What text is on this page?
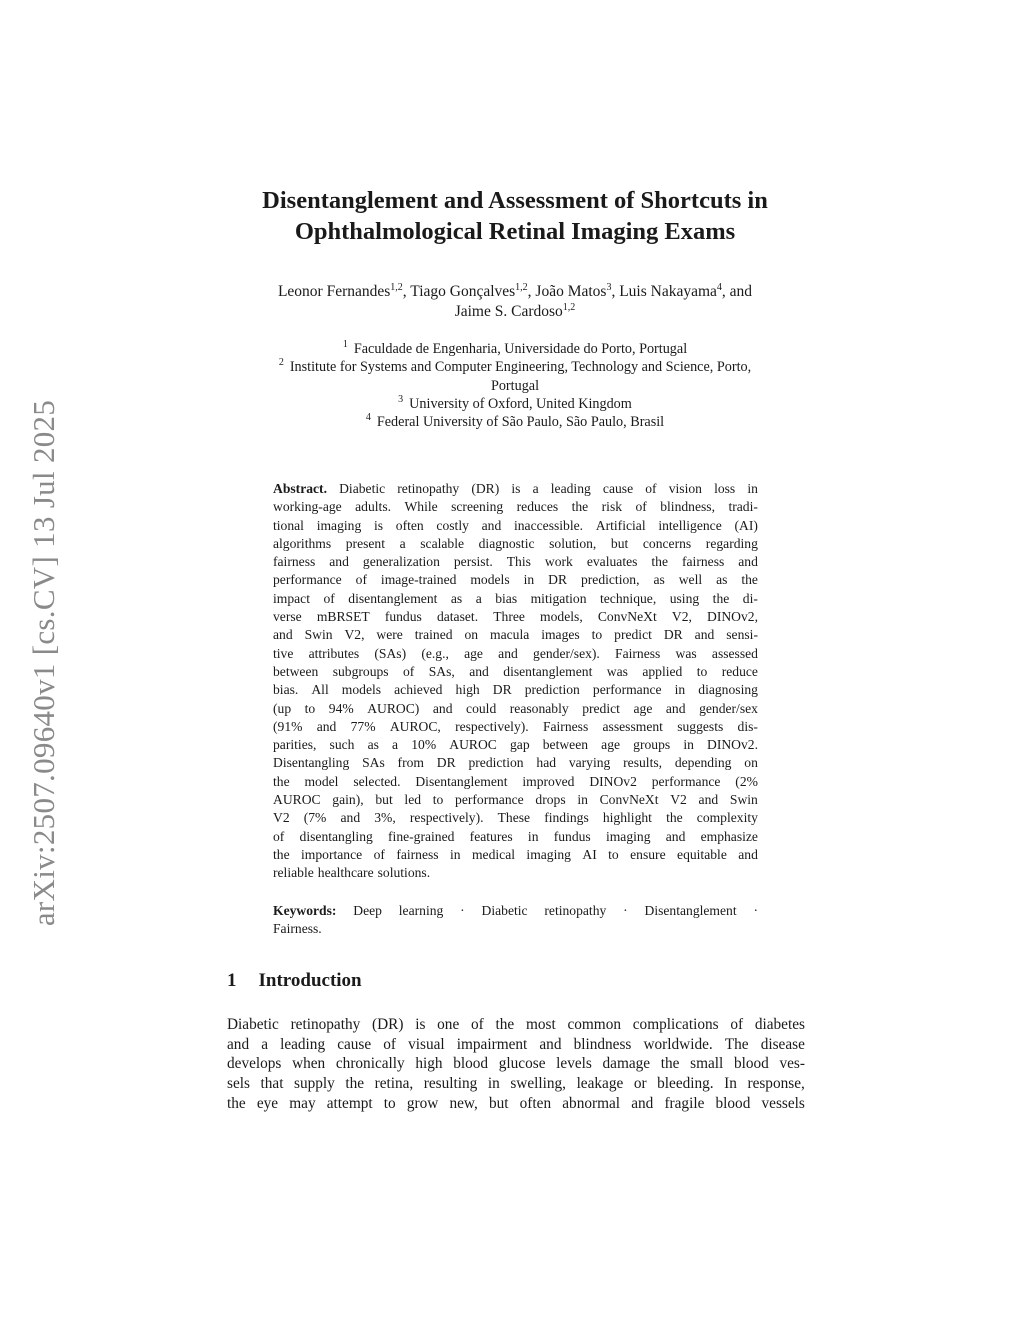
arXiv:2507.09640v1 [cs.CV] 13 Jul 2025
Disentanglement and Assessment of Shortcuts in
Ophthalmological Retinal Imaging Exams
Leonor Fernandes$^{1,2}$, Tiago Gonçalves$^{1,2}$, João Matos$^3$, Luis Nakayama$^4$, and
Jaime S. Cardoso$^{1,2}$
$^1$ Faculdade de Engenharia, Universidade do Porto, Portugal
$^2$ Institute for Systems and Computer Engineering, Technology and Science, Porto,
Portugal
$^3$ University of Oxford, United Kingdom
$^4$ Federal University of São Paulo, São Paulo, Brasil
Abstract. Diabetic retinopathy (DR) is a leading cause of vision loss in
working-age adults. While screening reduces the risk of blindness, tradi-
tional imaging is often costly and inaccessible. Artificial intelligence (AI)
algorithms present a scalable diagnostic solution, but concerns regarding
fairness and generalization persist. This work evaluates the fairness and
performance of image-trained models in DR prediction, as well as the
impact of disentanglement as a bias mitigation technique, using the di-
verse mBRSET fundus dataset. Three models, ConvNeXt V2, DINOv2,
and Swin V2, were trained on macula images to predict DR and sensi-
tive attributes (SAs) (e.g., age and gender/sex). Fairness was assessed
between subgroups of SAs, and disentanglement was applied to reduce
bias. All models achieved high DR prediction performance in diagnosing
(up to 94% AUROC) and could reasonably predict age and gender/sex
(91% and 77% AUROC, respectively). Fairness assessment suggests dis-
parities, such as a 10% AUROC gap between age groups in DINOv2.
Disentangling SAs from DR prediction had varying results, depending on
the model selected. Disentanglement improved DINOv2 performance (2%
AUROC gain), but led to performance drops in ConvNeXt V2 and Swin
V2 (7% and 3%, respectively). These findings highlight the complexity
of disentangling fine-grained features in fundus imaging and emphasize
the importance of fairness in medical imaging AI to ensure equitable and
reliable healthcare solutions.
Keywords: Deep learning · Diabetic retinopathy · Disentanglement ·
Fairness.
1 Introduction
Diabetic retinopathy (DR) is one of the most common complications of diabetes
and a leading cause of visual impairment and blindness worldwide. The disease
develops when chronically high blood glucose levels damage the small blood ves-
sels that supply the retina, resulting in swelling, leakage or bleeding. In response,
the eye may attempt to grow new, but often abnormal and fragile blood vessels
